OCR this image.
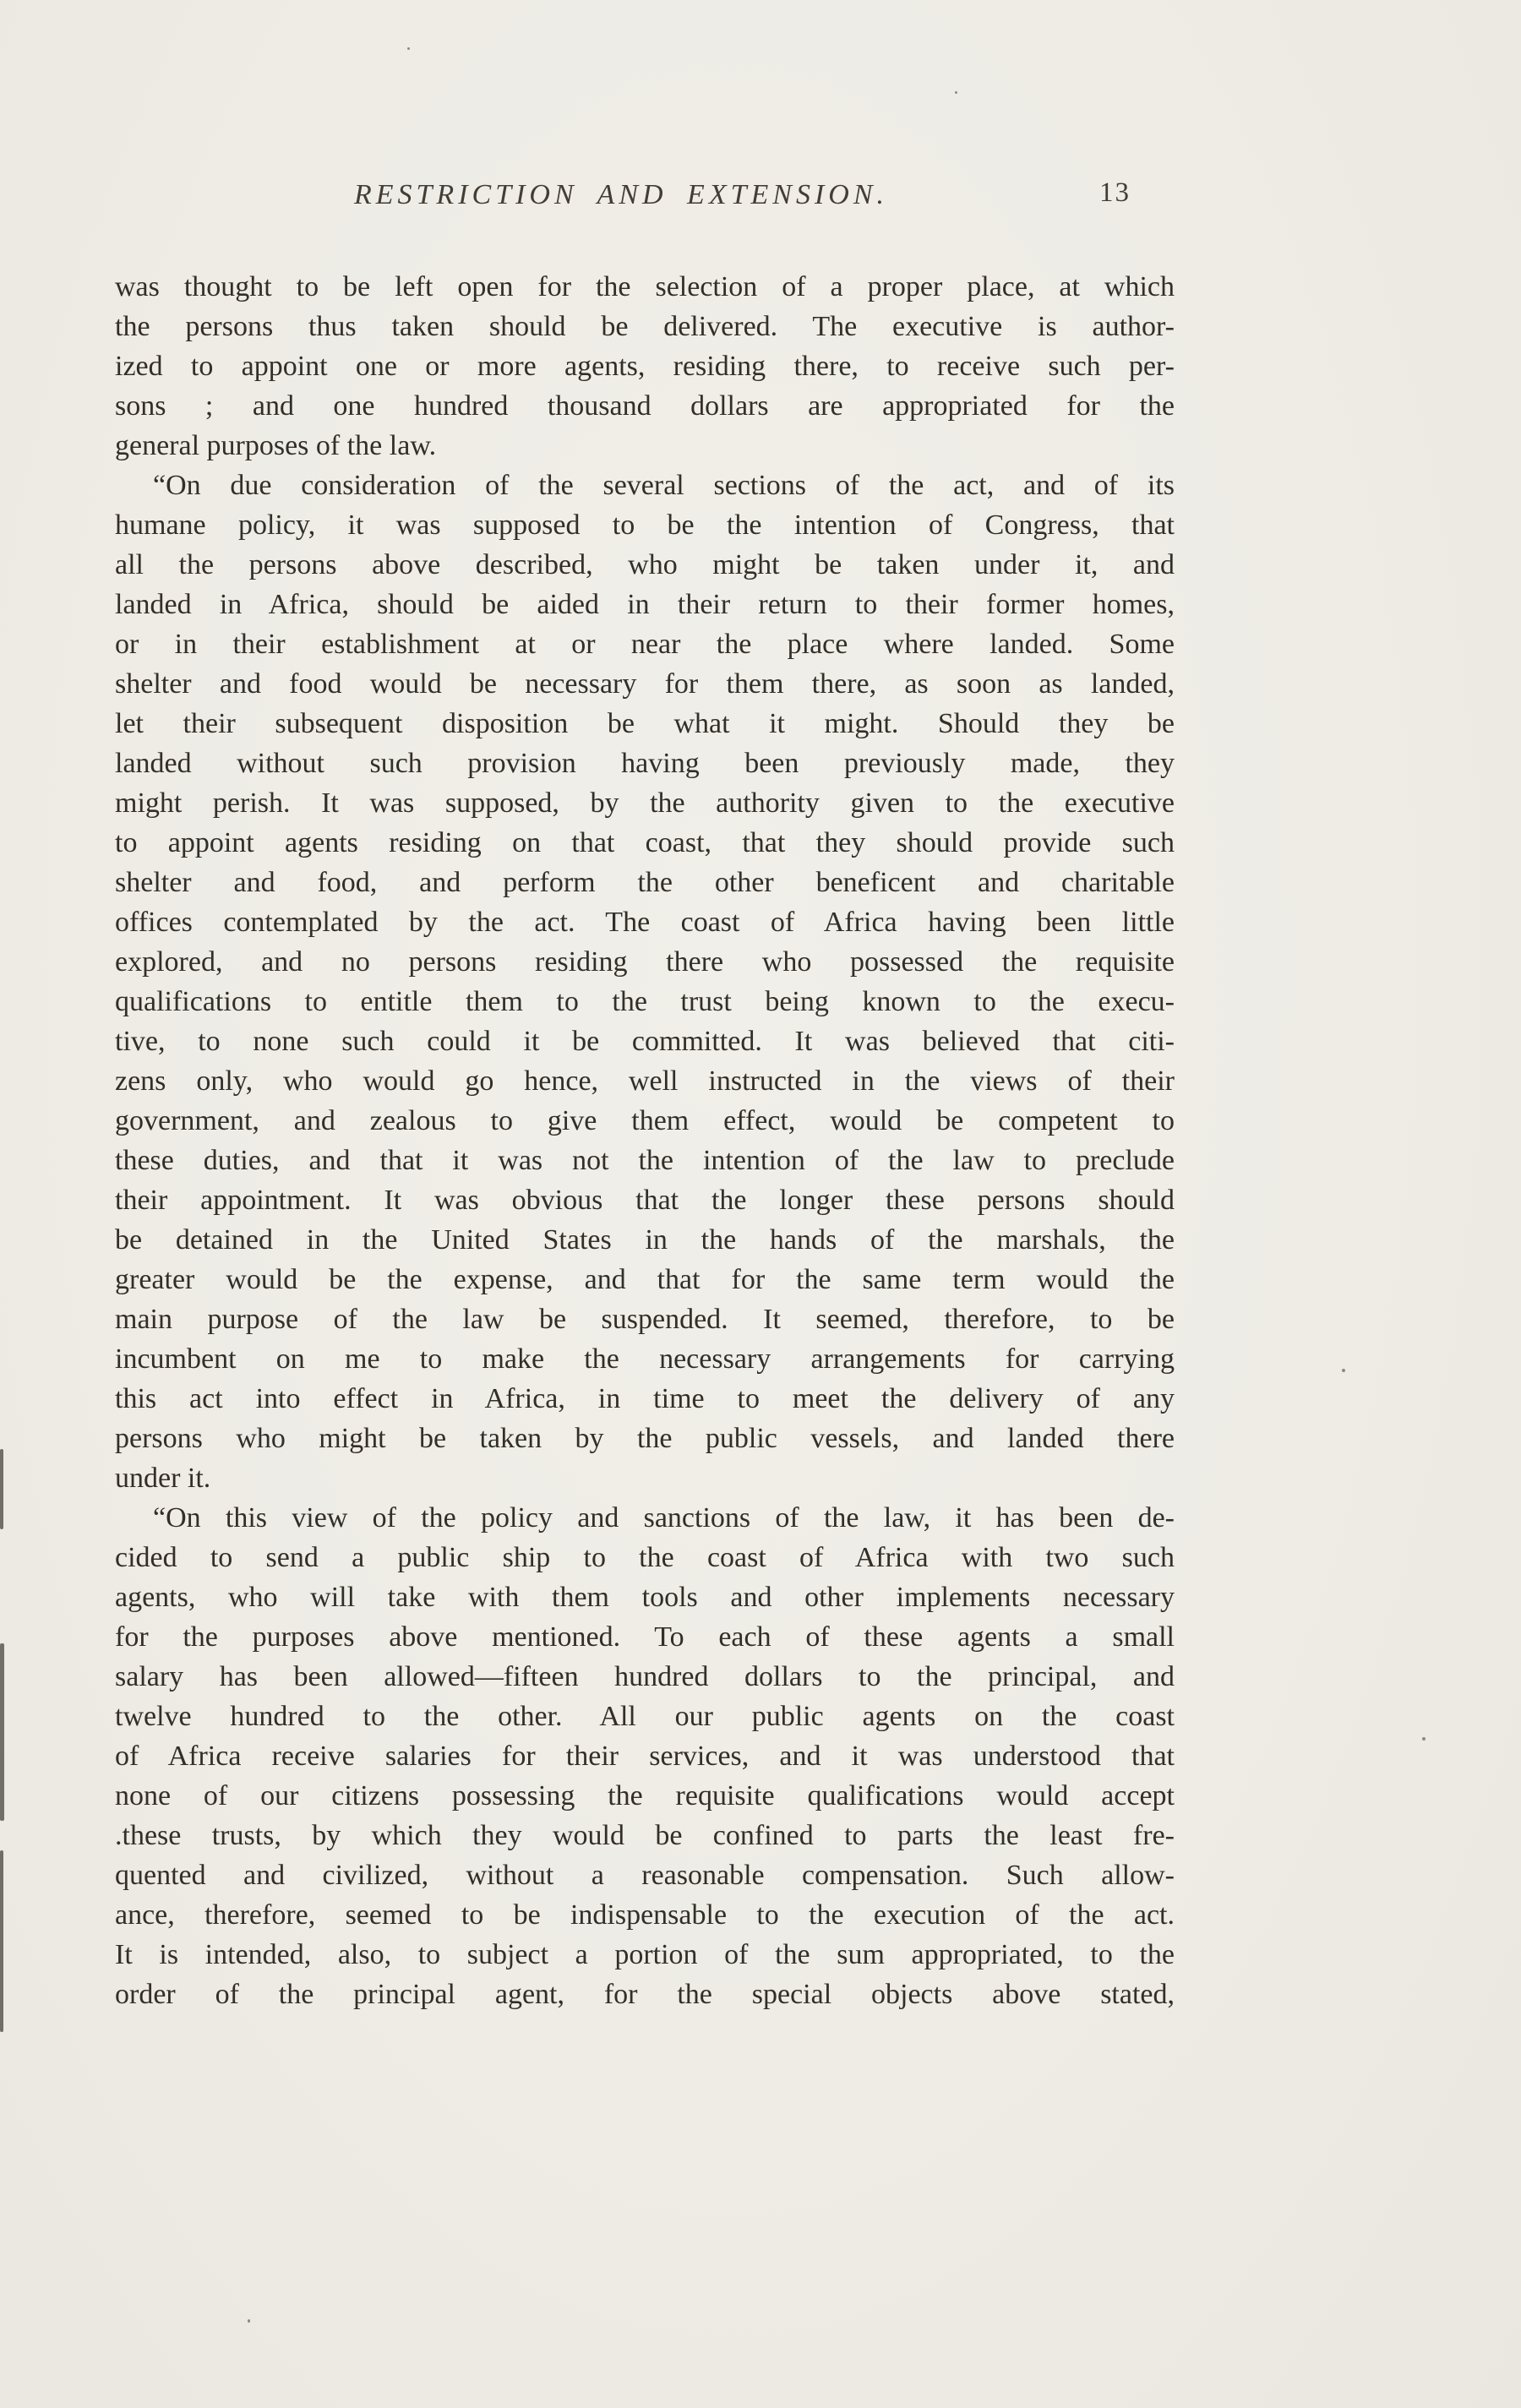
RESTRICTION AND EXTENSION.	13
was thought to be left open for the selection of a proper place, at which
the persons thus taken should be delivered. The executive is author-
ized to appoint one or more agents, residing there, to receive such per-
sons ; and one hundred thousand dollars are appropriated for the
general purposes of the law.
“On due consideration of the several sections of the act, and of its
humane policy, it was supposed to be the intention of Congress, that
all the persons above described, who might be taken under it, and
landed in Africa, should be aided in their return to their former homes,
or in their establishment at or near the place where landed. Some
shelter and food would be necessary for them there, as soon as landed,
let their subsequent disposition be what it might. Should they be
landed without such provision having been previously made, they
might perish. It was supposed, by the authority given to the executive
to appoint agents residing on that coast, that they should provide such
shelter and food, and perform the other beneficent and charitable
offices contemplated by the act. The coast of Africa having been little
explored, and no persons residing there who possessed the requisite
qualifications to entitle them to the trust being known to the execu-
tive, to none such could it be committed. It was believed that citi-
zens only, who would go hence, well instructed in the views of their
government, and zealous to give them effect, would be competent to
these duties, and that it was not the intention of the law to preclude
their appointment. It was obvious that the longer these persons should
be detained in the United States in the hands of the marshals, the
greater would be the expense, and that for the same term would the
main purpose of the law be suspended. It seemed, therefore, to be
incumbent on me to make the necessary arrangements for carrying
this act into effect in Africa, in time to meet the delivery of any
persons who might be taken by the public vessels, and landed there
under it.
“On this view of the policy and sanctions of the law, it has been de-
cided to send a public ship to the coast of Africa with two such
agents, who will take with them tools and other implements necessary
for the purposes above mentioned. To each of these agents a small
salary has been allowed—fifteen hundred dollars to the principal, and
twelve hundred to the other. All our public agents on the coast
of Africa receive salaries for their services, and it was understood that
none of our citizens possessing the requisite qualifications would accept
.these trusts, by which they would be confined to parts the least fre-
quented and civilized, without a reasonable compensation. Such allow-
ance, therefore, seemed to be indispensable to the execution of the act.
It is intended, also, to subject a portion of the sum appropriated, to the
order of the principal agent, for the special objects above stated,
